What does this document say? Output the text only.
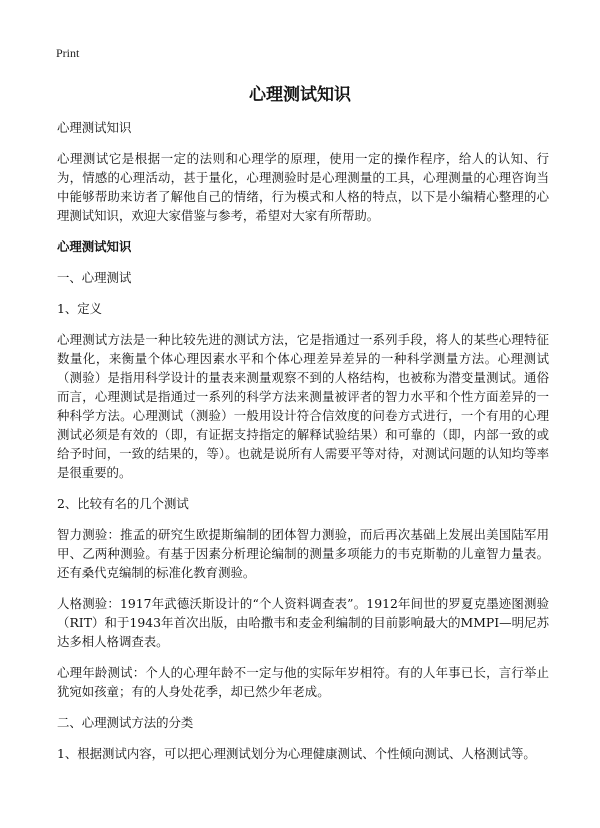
Print
心理测试知识

心理测试知识

心理测试它是根据一定的法则和心理学的原理，使用一定的操作程序，给人的认知、行为，情感的心理活动，甚于量化，心理测验时是心理测量的工具，心理测量的心理咨询当中能够帮助来访者了解他自己的情绪，行为模式和人格的特点，以下是小编精心整理的心理测试知识，欢迎大家借鉴与参考，希望对大家有所帮助。

心理测试知识

一、心理测试

1、定义

心理测试方法是一种比较先进的测试方法，它是指通过一系列手段，将人的某些心理特征数量化，来衡量个体心理因素水平和个体心理差异差异的一种科学测量方法。心理测试（测验）是指用科学设计的量表来测量观察不到的人格结构，也被称为潜变量测试。通俗而言，心理测试是指通过一系列的科学方法来测量被评者的智力水平和个性方面差异的一种科学方法。心理测试（测验）一般用设计符合信效度的问卷方式进行，一个有用的心理测试必须是有效的（即，有证据支持指定的解释试验结果）和可靠的（即，内部一致的或给予时间，一致的结果的，等）。也就是说所有人需要平等对待，对测试问题的认知均等率是很重要的。

2、比较有名的几个测试

智力测验：推孟的研究生欧提斯编制的团体智力测验，而后再次基础上发展出美国陆军用甲、乙两种测验。有基于因素分析理论编制的测量多项能力的韦克斯勒的儿童智力量表。还有桑代克编制的标准化教育测验。

人格测验：1917年武德沃斯设计的“个人资料调查表”。1912年间世的罗夏克墨迹图测验（RIT）和于1943年首次出版，由哈撒韦和麦金利编制的目前影响最大的MMPI—明尼苏达多相人格调查表。

心理年龄测试：个人的心理年龄不一定与他的实际年岁相符。有的人年事已长，言行举止犹宛如孩童；有的人身处花季，却已然少年老成。

二、心理测试方法的分类

1、根据测试内容，可以把心理测试划分为心理健康测试、个性倾向测试、人格测试等。
